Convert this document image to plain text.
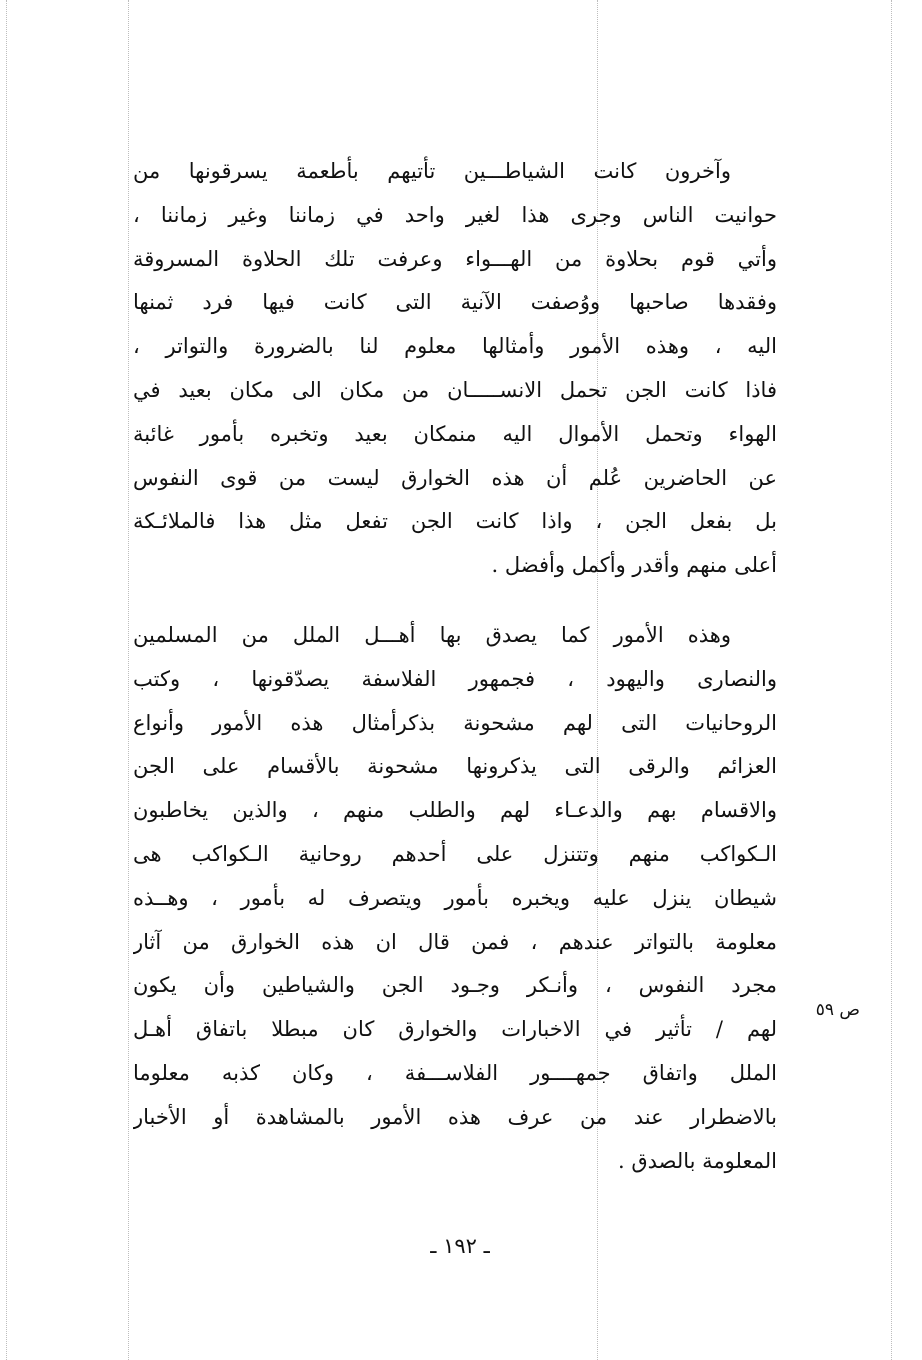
وآخرون كانت الشياطـــين تأتيهم بأطعمة يسرقونها من
حوانيت الناس وجرى هذا لغير واحد في زماننا وغير زماننا ،
وأتي قوم بحلاوة من الهـــواء وعرفت تلك الحلاوة المسروقة
وفقدها صاحبها ووُصفت الآنية التى كانت فيها فرد ثمنها
اليه ، وهذه الأمور وأمثالها معلوم لنا بالضرورة والتواتر ،
فاذا كانت الجن تحمل الانســـــان من مكان الى مكان بعيد في
الهواء وتحمل الأموال اليه منمكان بعيد وتخبره بأمور غائبة
عن الحاضرين عُلم أن هذه الخوارق ليست من قوى النفوس
بل بفعل الجن ، واذا كانت الجن تفعل مثل هذا فالملائـكة
أعلى منهم وأقدر وأكمل وأفضل .
وهذه الأمور كما يصدق بها أهـــل الملل من المسلمين
والنصارى واليهود ، فجمهور الفلاسفة يصدّقونها ، وكتب
الروحانيات التى لهم مشحونة بذكرأمثال هذه الأمور وأنواع
العزائم والرقى التى يذكرونها مشحونة بالأقسام على الجن
والاقسام بهم والدعـاء لهم والطلب منهم ، والذين يخاطبون
الـكواكب منهم وتتنزل على أحدهم روحانية الـكواكب هى
شيطان ينزل عليه ويخبره بأمور ويتصرف له بأمور ، وهــذه
معلومة بالتواتر عندهم ، فمن قال ان هذه الخوارق من آثار
مجرد النفوس ، وأنـكر وجـود الجن والشياطين وأن يكون
لهم / تأثير في الاخبارات والخوارق كان مبطلا باتفاق أهـل
الملل واتفاق جمهــــور الفلاســـفة ، وكان كذبه معلوما
بالاضطرار عند من عرف هذه الأمور بالمشاهدة أو الأخبار
المعلومة بالصدق .
ص ٥٩
ـ ١٩٢ ـ
